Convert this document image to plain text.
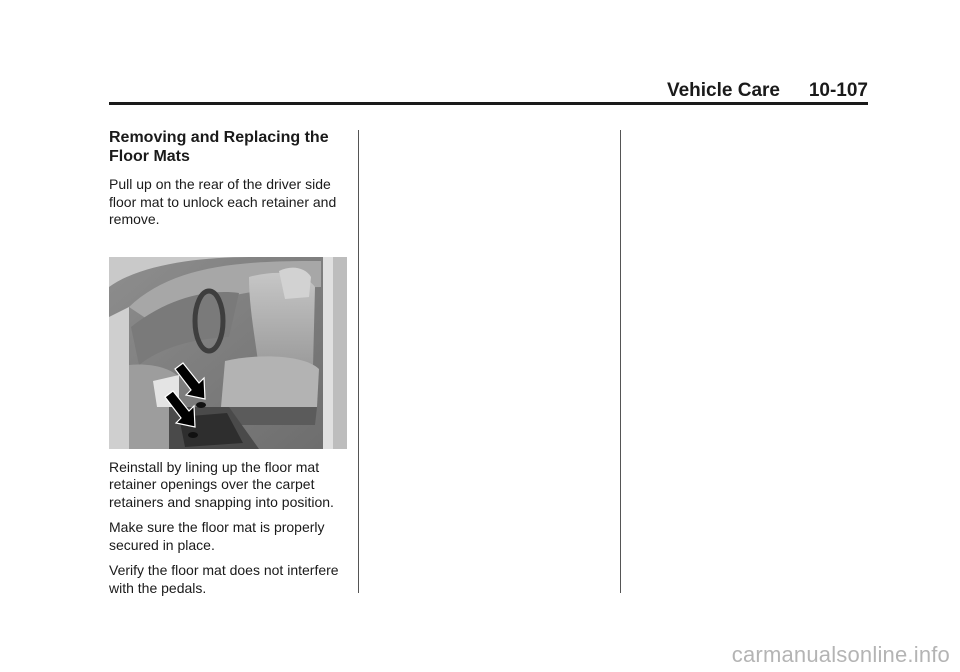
Vehicle Care 10-107
Removing and Replacing the Floor Mats

Pull up on the rear of the driver side floor mat to unlock each retainer and remove.

Reinstall by lining up the floor mat retainer openings over the carpet retainers and snapping into position.

Make sure the floor mat is properly secured in place.

Verify the floor mat does not interfere with the pedals.

carmanualsonline.info
